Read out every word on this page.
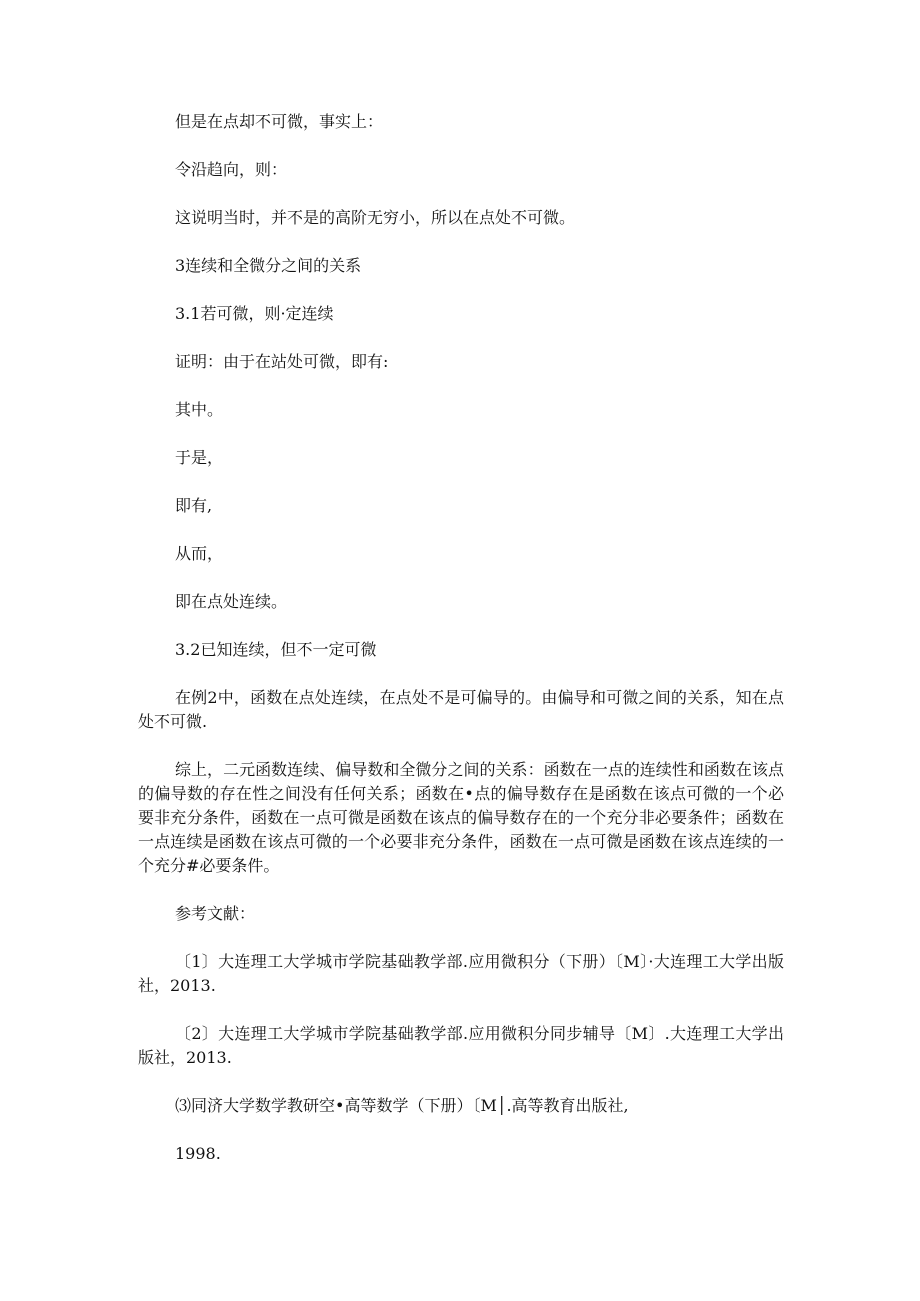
但是在点却不可微，事实上：
令沿趋向，则：
这说明当时，并不是的高阶无穷小，所以在点处不可微。
3连续和全微分之间的关系
3.1若可微，则·定连续
证明：由于在站处可微，即有:
其中。
于是，
即有,
从而，
即在点处连续。
3.2已知连续，但不一定可微
在例2中，函数在点处连续，在点处不是可偏导的。由偏导和可微之间的关系，知在点处不可微.
综上，二元函数连续、偏导数和全微分之间的关系：函数在一点的连续性和函数在该点的偏导数的存在性之间没有任何关系；函数在•点的偏导数存在是函数在该点可微的一个必要非充分条件，函数在一点可微是函数在该点的偏导数存在的一个充分非必要条件；函数在一点连续是函数在该点可微的一个必要非充分条件，函数在一点可微是函数在该点连续的一个充分#必要条件。
参考文献：
〔1〕大连理工大学城市学院基础教学部.应用微积分（下册）〔M〕·大连理工大学出版社，2013.
〔2〕大连理工大学城市学院基础教学部.应用微积分同步辅导〔M〕.大连理工大学出版社，2013.
⑶同济大学数学教研空•高等数学（下册）〔M│.高等教育出版社,
1998.
